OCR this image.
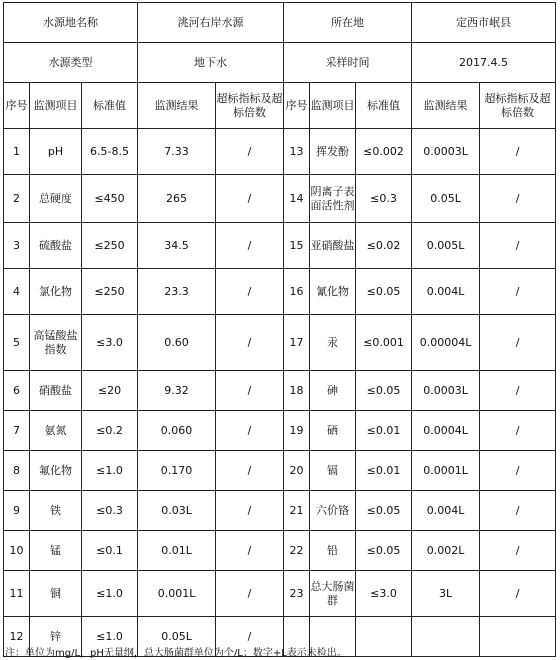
水源地名称			洮河右岸水源		所在地			定西市岷县	
水源类型			地下水		采样时间			2017.4.5	
序号	监测项目	标准值	监测结果	超标指标及超标倍数	序号	监测项目	标准值	监测结果	超标指标及超标倍数
1	pH	6.5-8.5	7.33	/	13	挥发酚	≤0.002	0.0003L	/
2	总硬度	≤450	265	/	14	阴离子表面活性剂	≤0.3	0.05L	/
3	硫酸盐	≤250	34.5	/	15	亚硝酸盐	≤0.02	0.005L	/
4	氯化物	≤250	23.3	/	16	氰化物	≤0.05	0.004L	/
5	高锰酸盐指数	≤3.0	0.60	/	17	汞	≤0.001	0.00004L	/
6	硝酸盐	≤20	9.32	/	18	砷	≤0.05	0.0003L	/
7	氨氮	≤0.2	0.060	/	19	硒	≤0.01	0.0004L	/
8	氟化物	≤1.0	0.170	/	20	镉	≤0.01	0.0001L	/
9	铁	≤0.3	0.03L	/	21	六价铬	≤0.05	0.004L	/
10	锰	≤0.1	0.01L	/	22	铅	≤0.05	0.002L	/
11	铜	≤1.0	0.001L	/	23	总大肠菌群	≤3.0	3L	/
12	锌	≤1.0	0.05L	/					
注：单位为mg/L，pH无量纲，总大肠菌群单位为个/L；数字+L表示未检出。
